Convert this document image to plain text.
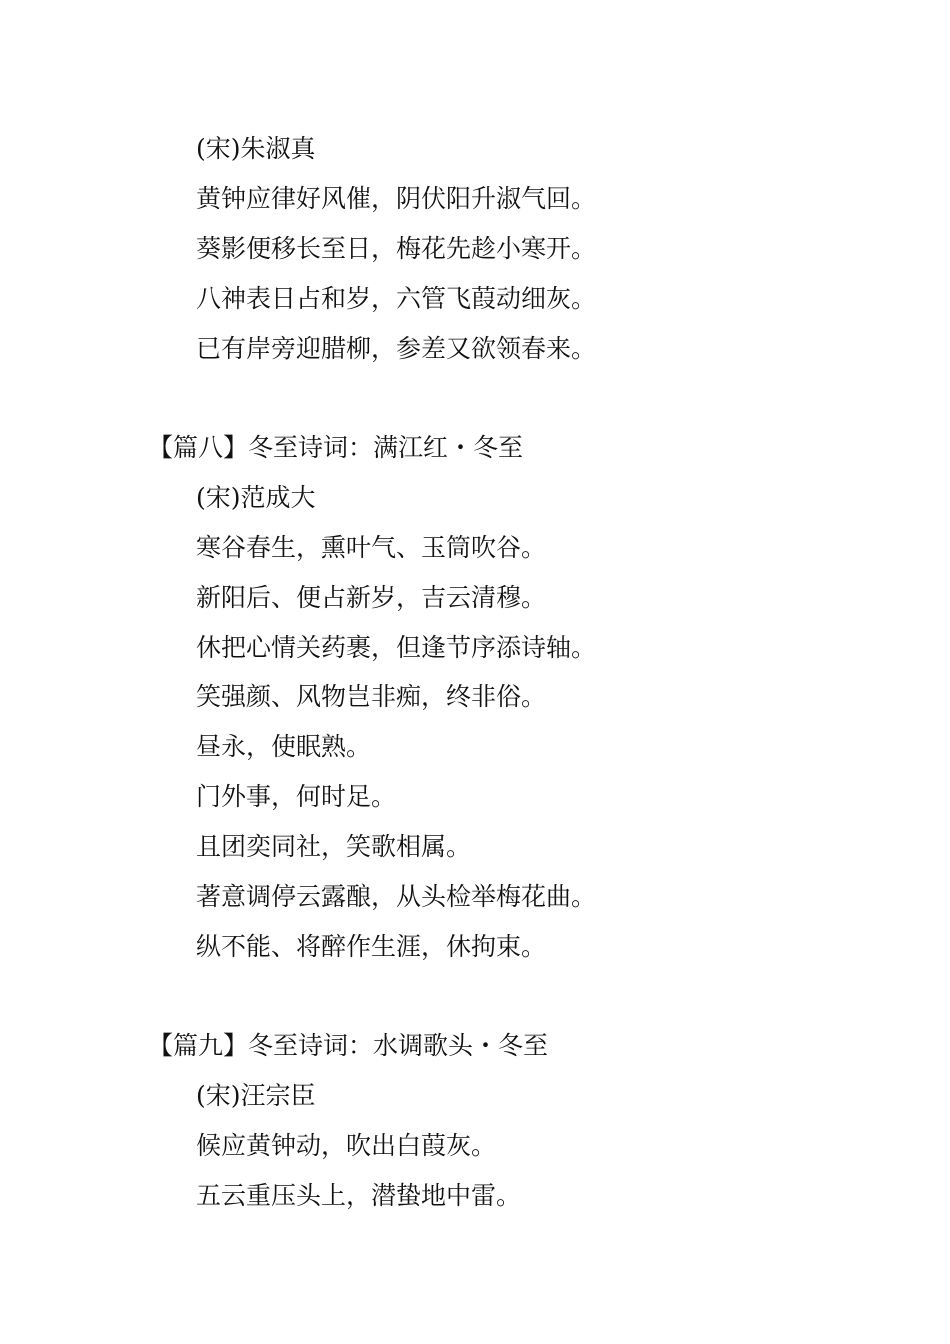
(宋)朱淑真
黄钟应律好风催，阴伏阳升淑气回。
葵影便移长至日，梅花先趁小寒开。
八神表日占和岁，六管飞葭动细灰。
已有岸旁迎腊柳，参差又欲领春来。
【篇八】冬至诗词：满江红・冬至
(宋)范成大
寒谷春生，熏叶气、玉筒吹谷。
新阳后、便占新岁，吉云清穆。
休把心情关药裹，但逢节序添诗轴。
笑强颜、风物岂非痴，终非俗。
昼永，使眠熟。
门外事，何时足。
且团奕同社，笑歌相属。
著意调停云露酿，从头检举梅花曲。
纵不能、将醉作生涯，休拘束。
【篇九】冬至诗词：水调歌头・冬至
(宋)汪宗臣
候应黄钟动，吹出白葭灰。
五云重压头上，潜蛰地中雷。
